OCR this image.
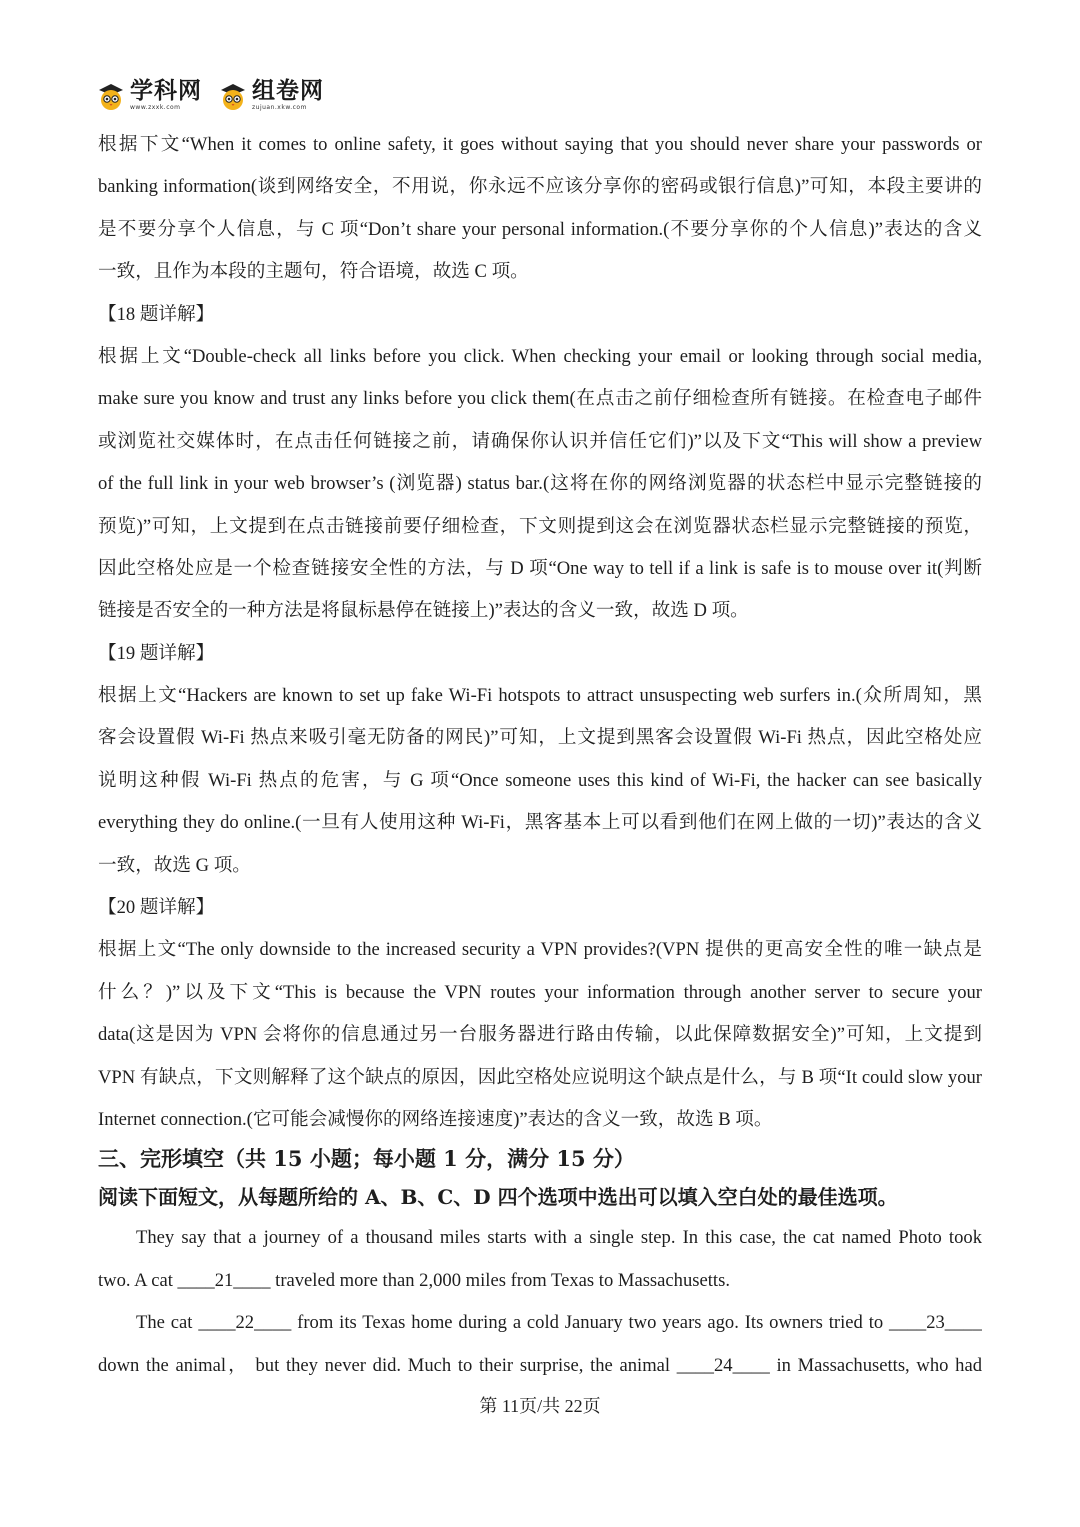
学科网
www.zxxk.com
组卷网
zujuan.xkw.com
根据下文“When it comes to online safety, it goes without saying that you should never share your passwords or
banking information(谈到网络安全，不用说，你永远不应该分享你的密码或银行信息)”可知，本段主要讲的
是不要分享个人信息，与 C 项“Don’t share your personal information.(不要分享你的个人信息)”表达的含义
一致，且作为本段的主题句，符合语境，故选 C 项。
【18 题详解】
根据上文“Double-check all links before you click. When checking your email or looking through social media,
make sure you know and trust any links before you click them(在点击之前仔细检查所有链接。在检查电子邮件
或浏览社交媒体时，在点击任何链接之前，请确保你认识并信任它们)”以及下文“This will show a preview
of the full link in your web browser’s (浏览器) status bar.(这将在你的网络浏览器的状态栏中显示完整链接的
预览)”可知，上文提到在点击链接前要仔细检查，下文则提到这会在浏览器状态栏显示完整链接的预览，
因此空格处应是一个检查链接安全性的方法，与 D 项“One way to tell if a link is safe is to mouse over it(判断
链接是否安全的一种方法是将鼠标悬停在链接上)”表达的含义一致，故选 D 项。
【19 题详解】
根据上文“Hackers are known to set up fake Wi-Fi hotspots to attract unsuspecting web surfers in.(众所周知，黑
客会设置假 Wi-Fi 热点来吸引毫无防备的网民)”可知，上文提到黑客会设置假 Wi-Fi 热点，因此空格处应
说明这种假 Wi-Fi 热点的危害，与 G 项“Once someone uses this kind of Wi-Fi, the hacker can see basically
everything they do online.(一旦有人使用这种 Wi-Fi，黑客基本上可以看到他们在网上做的一切)”表达的含义
一致，故选 G 项。
【20 题详解】
根据上文“The only downside to the increased security a VPN provides?(VPN 提供的更高安全性的唯一缺点是
什么？)”以及下文“This is because the VPN routes your information through another server to secure your
data(这是因为 VPN 会将你的信息通过另一台服务器进行路由传输，以此保障数据安全)”可知，上文提到
VPN 有缺点，下文则解释了这个缺点的原因，因此空格处应说明这个缺点是什么，与 B 项“It could slow your
Internet connection.(它可能会减慢你的网络连接速度)”表达的含义一致，故选 B 项。
三、完形填空（共 15 小题；每小题 1 分，满分 15 分）
阅读下面短文，从每题所给的 A、B、C、D 四个选项中选出可以填入空白处的最佳选项。
They say that a journey of a thousand miles starts with a single step. In this case, the cat named Photo took
two. A cat ____21____ traveled more than 2,000 miles from Texas to Massachusetts.
The cat ____22____ from its Texas home during a cold January two years ago. Its owners tried to ____23____
down the animal， but they never did. Much to their surprise, the animal ____24____ in Massachusetts, who had
第 11页/共 22页
